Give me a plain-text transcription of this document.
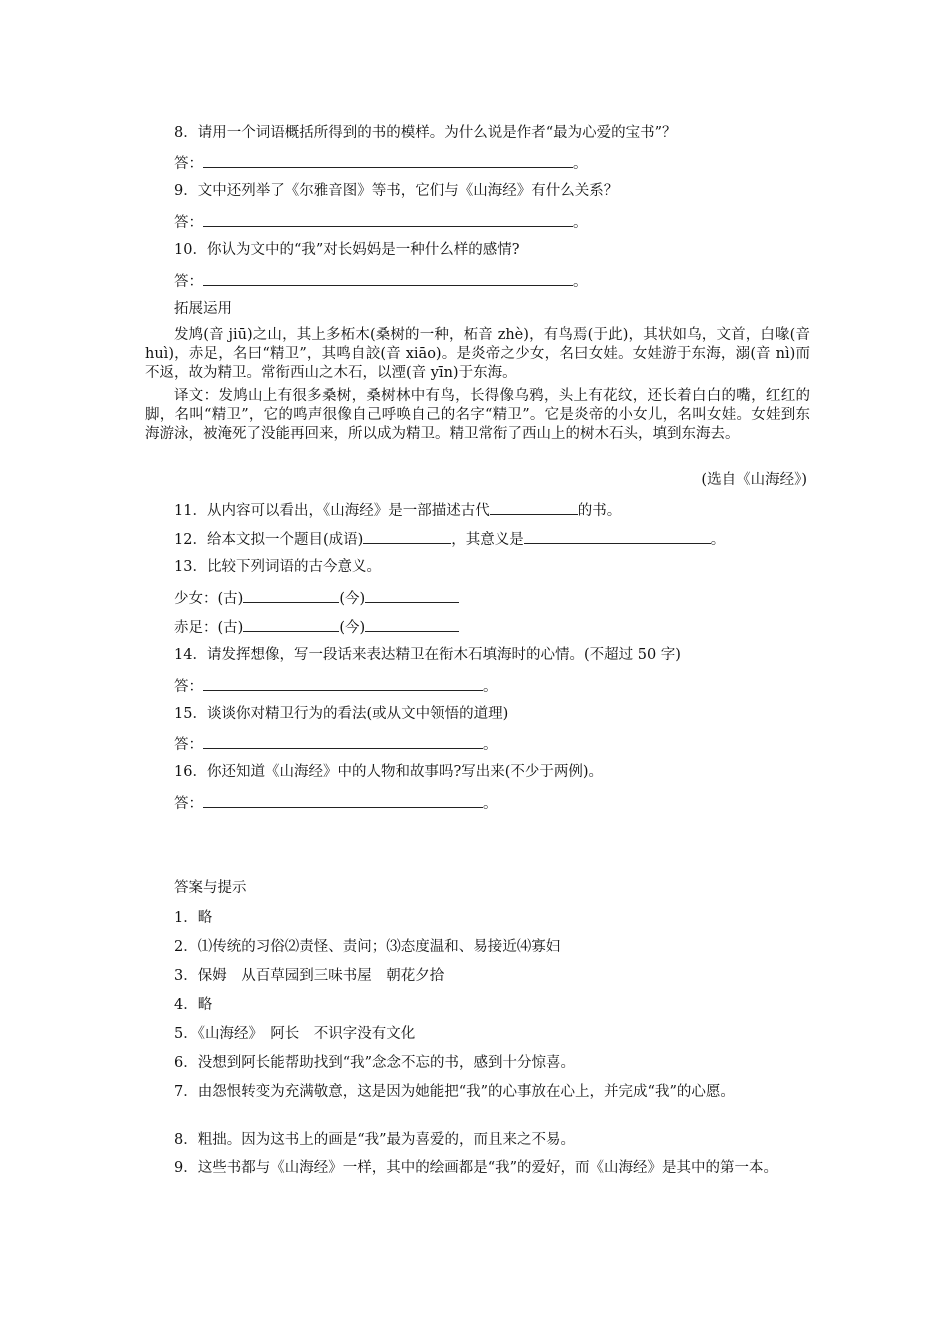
8．请用一个词语概括所得到的书的模样。为什么说是作者“最为心爱的宝书”？
答：	。
9．文中还列举了《尔雅音图》等书，它们与《山海经》有什么关系？
答：	。
10．你认为文中的“我”对长妈妈是一种什么样的感情?
答：	。
拓展运用
发鸠(音 jiū)之山，其上多柘木(桑树的一种，柘音 zhè)，有鸟焉(于此)，其状如乌，文首，白喙(音 huì)，赤足，名曰“精卫”，其鸣自詨(音 xiāo)。是炎帝之少女，名曰女娃。女娃游于东海，溺(音 nì)而不返，故为精卫。常衔西山之木石，以湮(音 yīn)于东海。
译文：发鸠山上有很多桑树，桑树林中有鸟，长得像乌鸦，头上有花纹，还长着白白的嘴，红红的脚，名叫“精卫”，它的鸣声很像自己呼唤自己的名字“精卫”。它是炎帝的小女儿，名叫女娃。女娃到东海游泳，被淹死了没能再回来，所以成为精卫。精卫常衔了西山上的树木石头，填到东海去。
(选自《山海经》)
11．从内容可以看出，《山海经》是一部描述古代	的书。
12．给本文拟一个题目(成语)	，其意义是	。
13．比较下列词语的古今意义。
少女：(古)	(今)
赤足：(古)	(今)
14．请发挥想像，写一段话来表达精卫在衔木石填海时的心情。(不超过 50 字)
答：	。
15．谈谈你对精卫行为的看法(或从文中领悟的道理)
答：	。
16．你还知道《山海经》中的人物和故事吗?写出来(不少于两例)。
答：	。
答案与提示
1．略
2．⑴传统的习俗⑵责怪、责问；⑶态度温和、易接近⑷寡妇
3．保姆　从百草园到三味书屋　朝花夕拾
4．略
5．《山海经》　阿长　不识字没有文化
6．没想到阿长能帮助找到“我”念念不忘的书，感到十分惊喜。
7．由怨恨转变为充满敬意，这是因为她能把“我”的心事放在心上，并完成“我”的心愿。
8．粗拙。因为这书上的画是“我”最为喜爱的，而且来之不易。
9．这些书都与《山海经》一样，其中的绘画都是“我”的爱好，而《山海经》是其中的第一本。
